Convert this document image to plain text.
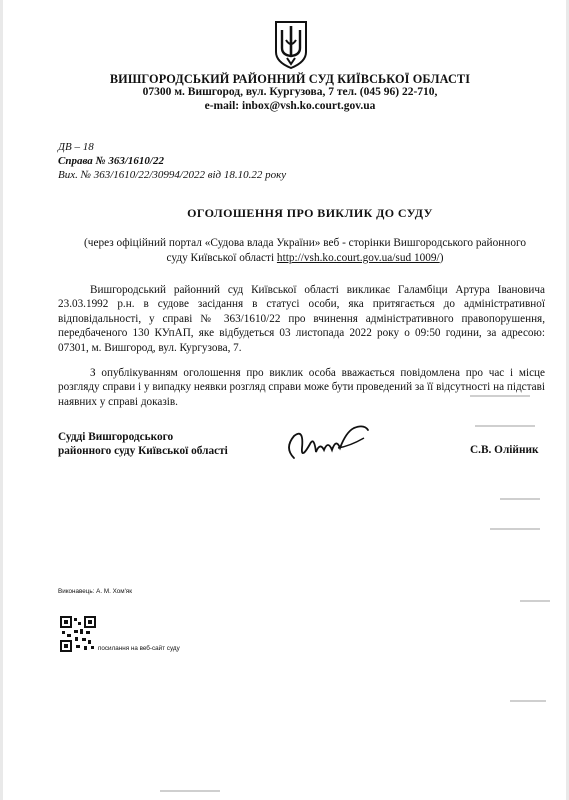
ВИШГОРОДСЬКИЙ РАЙОННИЙ СУД КИЇВСЬКОЇ ОБЛАСТІ
07300 м. Вишгород, вул. Кургузова, 7 тел. (045 96) 22-710,
e-mail: inbox@vsh.ko.court.gov.ua
ДВ – 18
Справа № 363/1610/22
Вих. № 363/1610/22/30994/2022 від 18.10.22 року
ОГОЛОШЕННЯ ПРО ВИКЛИК ДО СУДУ
(через офіційний портал «Судова влада України» веб - сторінки Вишгородського районного
суду Київської області http://vsh.ko.court.gov.ua/sud 1009/)

Вишгородський районний суд Київської області викликає Галамбіци Артура Івановича 23.03.1992 р.н. в судове засідання в статусі особи, яка притягається до адміністративної відповідальності, у справі № 363/1610/22 про вчинення адміністративного правопорушення, передбаченого 130 КУпАП, яке відбудеться 03 листопада 2022 року о 09:50 години, за адресою: 07301, м. Вишгород, вул. Кургузова, 7.

З опублікуванням оголошення про виклик особа вважається повідомлена про час і місце розгляду справи і у випадку неявки розгляд справи може бути проведений за її відсутності на підставі наявних у справі доказів.

Судді Вишгородського
районного суду Київської області	С.В. Олійник
Виконавець: А. М. Хом'як
посилання на веб-сайт суду
